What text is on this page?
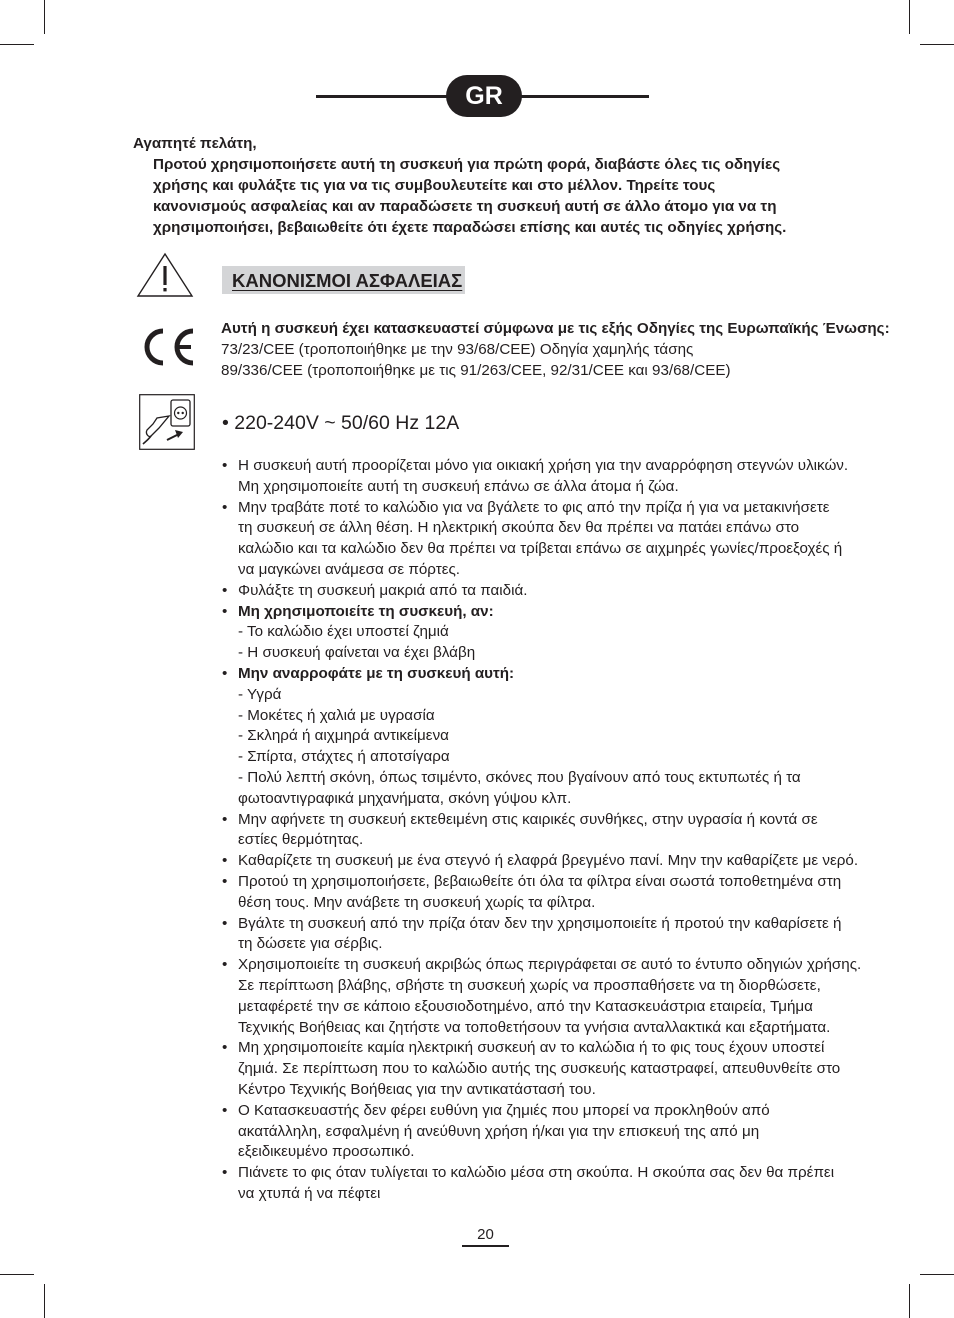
GR
Αγαπητέ πελάτη,
Προτού χρησιμοποιήσετε αυτή τη συσκευή για πρώτη φορά, διαβάστε όλες τις οδηγίες
χρήσης και φυλάξτε τις για να τις συμβουλευτείτε και στο μέλλον. Τηρείτε τους
κανονισμούς ασφαλείας και αν παραδώσετε τη συσκευή αυτή σε άλλο άτομο για να τη
χρησιμοποιήσει, βεβαιωθείτε ότι έχετε παραδώσει επίσης και αυτές τις οδηγίες χρήσης.
ΚΑΝΟΝΙΣΜΟΙ ΑΣΦΑΛΕΙΑΣ
Αυτή η συσκευή έχει κατασκευαστεί σύμφωνα με τις εξής Οδηγίες της Ευρωπαϊκής Ένωσης:
73/23/CEE (τροποποιήθηκε με την 93/68/CEE) Οδηγία χαμηλής τάσης
89/336/CEE (τροποποιήθηκε με τις 91/263/CEE, 92/31/CEE και 93/68/CEE)
• 220-240V ~ 50/60 Hz 12A
• Η συσκευή αυτή προορίζεται μόνο για οικιακή χρήση για την αναρρόφηση στεγνών υλικών.
Μη χρησιμοποιείτε αυτή τη συσκευή επάνω σε άλλα άτομα ή ζώα.
• Μην τραβάτε ποτέ το καλώδιο για να βγάλετε το φις από την πρίζα ή για να μετακινήσετε
τη συσκευή σε άλλη θέση. Η ηλεκτρική σκούπα δεν θα πρέπει να πατάει επάνω στο
καλώδιο και τα καλώδιο δεν θα πρέπει να τρίβεται επάνω σε αιχμηρές γωνίες/προεξοχές ή
να μαγκώνει ανάμεσα σε πόρτες.
• Φυλάξτε τη συσκευή μακριά από τα παιδιά.
• Μη χρησιμοποιείτε τη συσκευή, αν:
- Το καλώδιο έχει υποστεί ζημιά
- Η συσκευή φαίνεται να έχει βλάβη
• Μην αναρροφάτε με τη συσκευή αυτή:
- Υγρά
- Μοκέτες ή χαλιά με υγρασία
- Σκληρά ή αιχμηρά αντικείμενα
- Σπίρτα, στάχτες ή αποτσίγαρα
- Πολύ λεπτή σκόνη, όπως τσιμέντο, σκόνες που βγαίνουν από τους εκτυπωτές ή τα
φωτοαντιγραφικά μηχανήματα, σκόνη γύψου κλπ.
• Μην αφήνετε τη συσκευή εκτεθειμένη στις καιρικές συνθήκες, στην υγρασία ή κοντά σε
εστίες θερμότητας.
• Καθαρίζετε τη συσκευή με ένα στεγνό ή ελαφρά βρεγμένο πανί. Μην την καθαρίζετε με νερό.
• Προτού τη χρησιμοποιήσετε, βεβαιωθείτε ότι όλα τα φίλτρα είναι σωστά τοποθετημένα στη
θέση τους. Μην ανάβετε τη συσκευή χωρίς τα φίλτρα.
• Βγάλτε τη συσκευή από την πρίζα όταν δεν την χρησιμοποιείτε ή προτού την καθαρίσετε ή
τη δώσετε για σέρβις.
• Χρησιμοποιείτε τη συσκευή ακριβώς όπως περιγράφεται σε αυτό το έντυπο οδηγιών χρήσης.
Σε περίπτωση βλάβης, σβήστε τη συσκευή χωρίς να προσπαθήσετε να τη διορθώσετε,
μεταφέρετέ την σε κάποιο εξουσιοδοτημένο, από την Κατασκευάστρια εταιρεία, Τμήμα
Τεχνικής Βοήθειας και ζητήστε να τοποθετήσουν τα γνήσια ανταλλακτικά και εξαρτήματα.
• Μη χρησιμοποιείτε καμία ηλεκτρική συσκευή αν το καλώδια ή το φις τους έχουν υποστεί
ζημιά. Σε περίπτωση που το καλώδιο αυτής της συσκευής καταστραφεί, απευθυνθείτε στο
Κέντρο Τεχνικής Βοήθειας για την αντικατάστασή του.
• Ο Κατασκευαστής δεν φέρει ευθύνη για ζημιές που μπορεί να προκληθούν από
ακατάλληλη, εσφαλμένη ή ανεύθυνη χρήση ή/και για την επισκευή της από μη
εξειδικευμένο προσωπικό.
• Πιάνετε το φις όταν τυλίγεται το καλώδιο μέσα στη σκούπα. Η σκούπα σας δεν θα πρέπει
να χτυπά ή να πέφτει
20
